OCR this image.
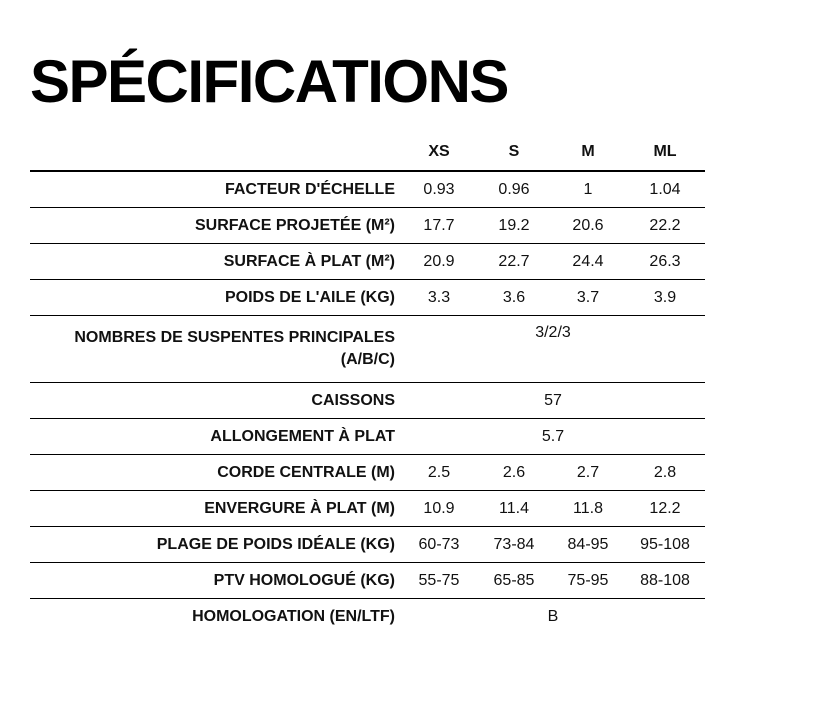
SPÉCIFICATIONS
	XS	S	M	ML
FACTEUR D'ÉCHELLE	0.93	0.96	1	1.04
SURFACE PROJETÉE (M²)	17.7	19.2	20.6	22.2
SURFACE À PLAT (M²)	20.9	22.7	24.4	26.3
POIDS DE L'AILE (KG)	3.3	3.6	3.7	3.9
NOMBRES DE SUSPENTES PRINCIPALES (A/B/C)	3/2/3			
CAISSONS	57			
ALLONGEMENT À PLAT	5.7			
CORDE CENTRALE (M)	2.5	2.6	2.7	2.8
ENVERGURE À PLAT (M)	10.9	11.4	11.8	12.2
PLAGE DE POIDS IDÉALE (KG)	60-73	73-84	84-95	95-108
PTV HOMOLOGUÉ (KG)	55-75	65-85	75-95	88-108
HOMOLOGATION (EN/LTF)	B			
